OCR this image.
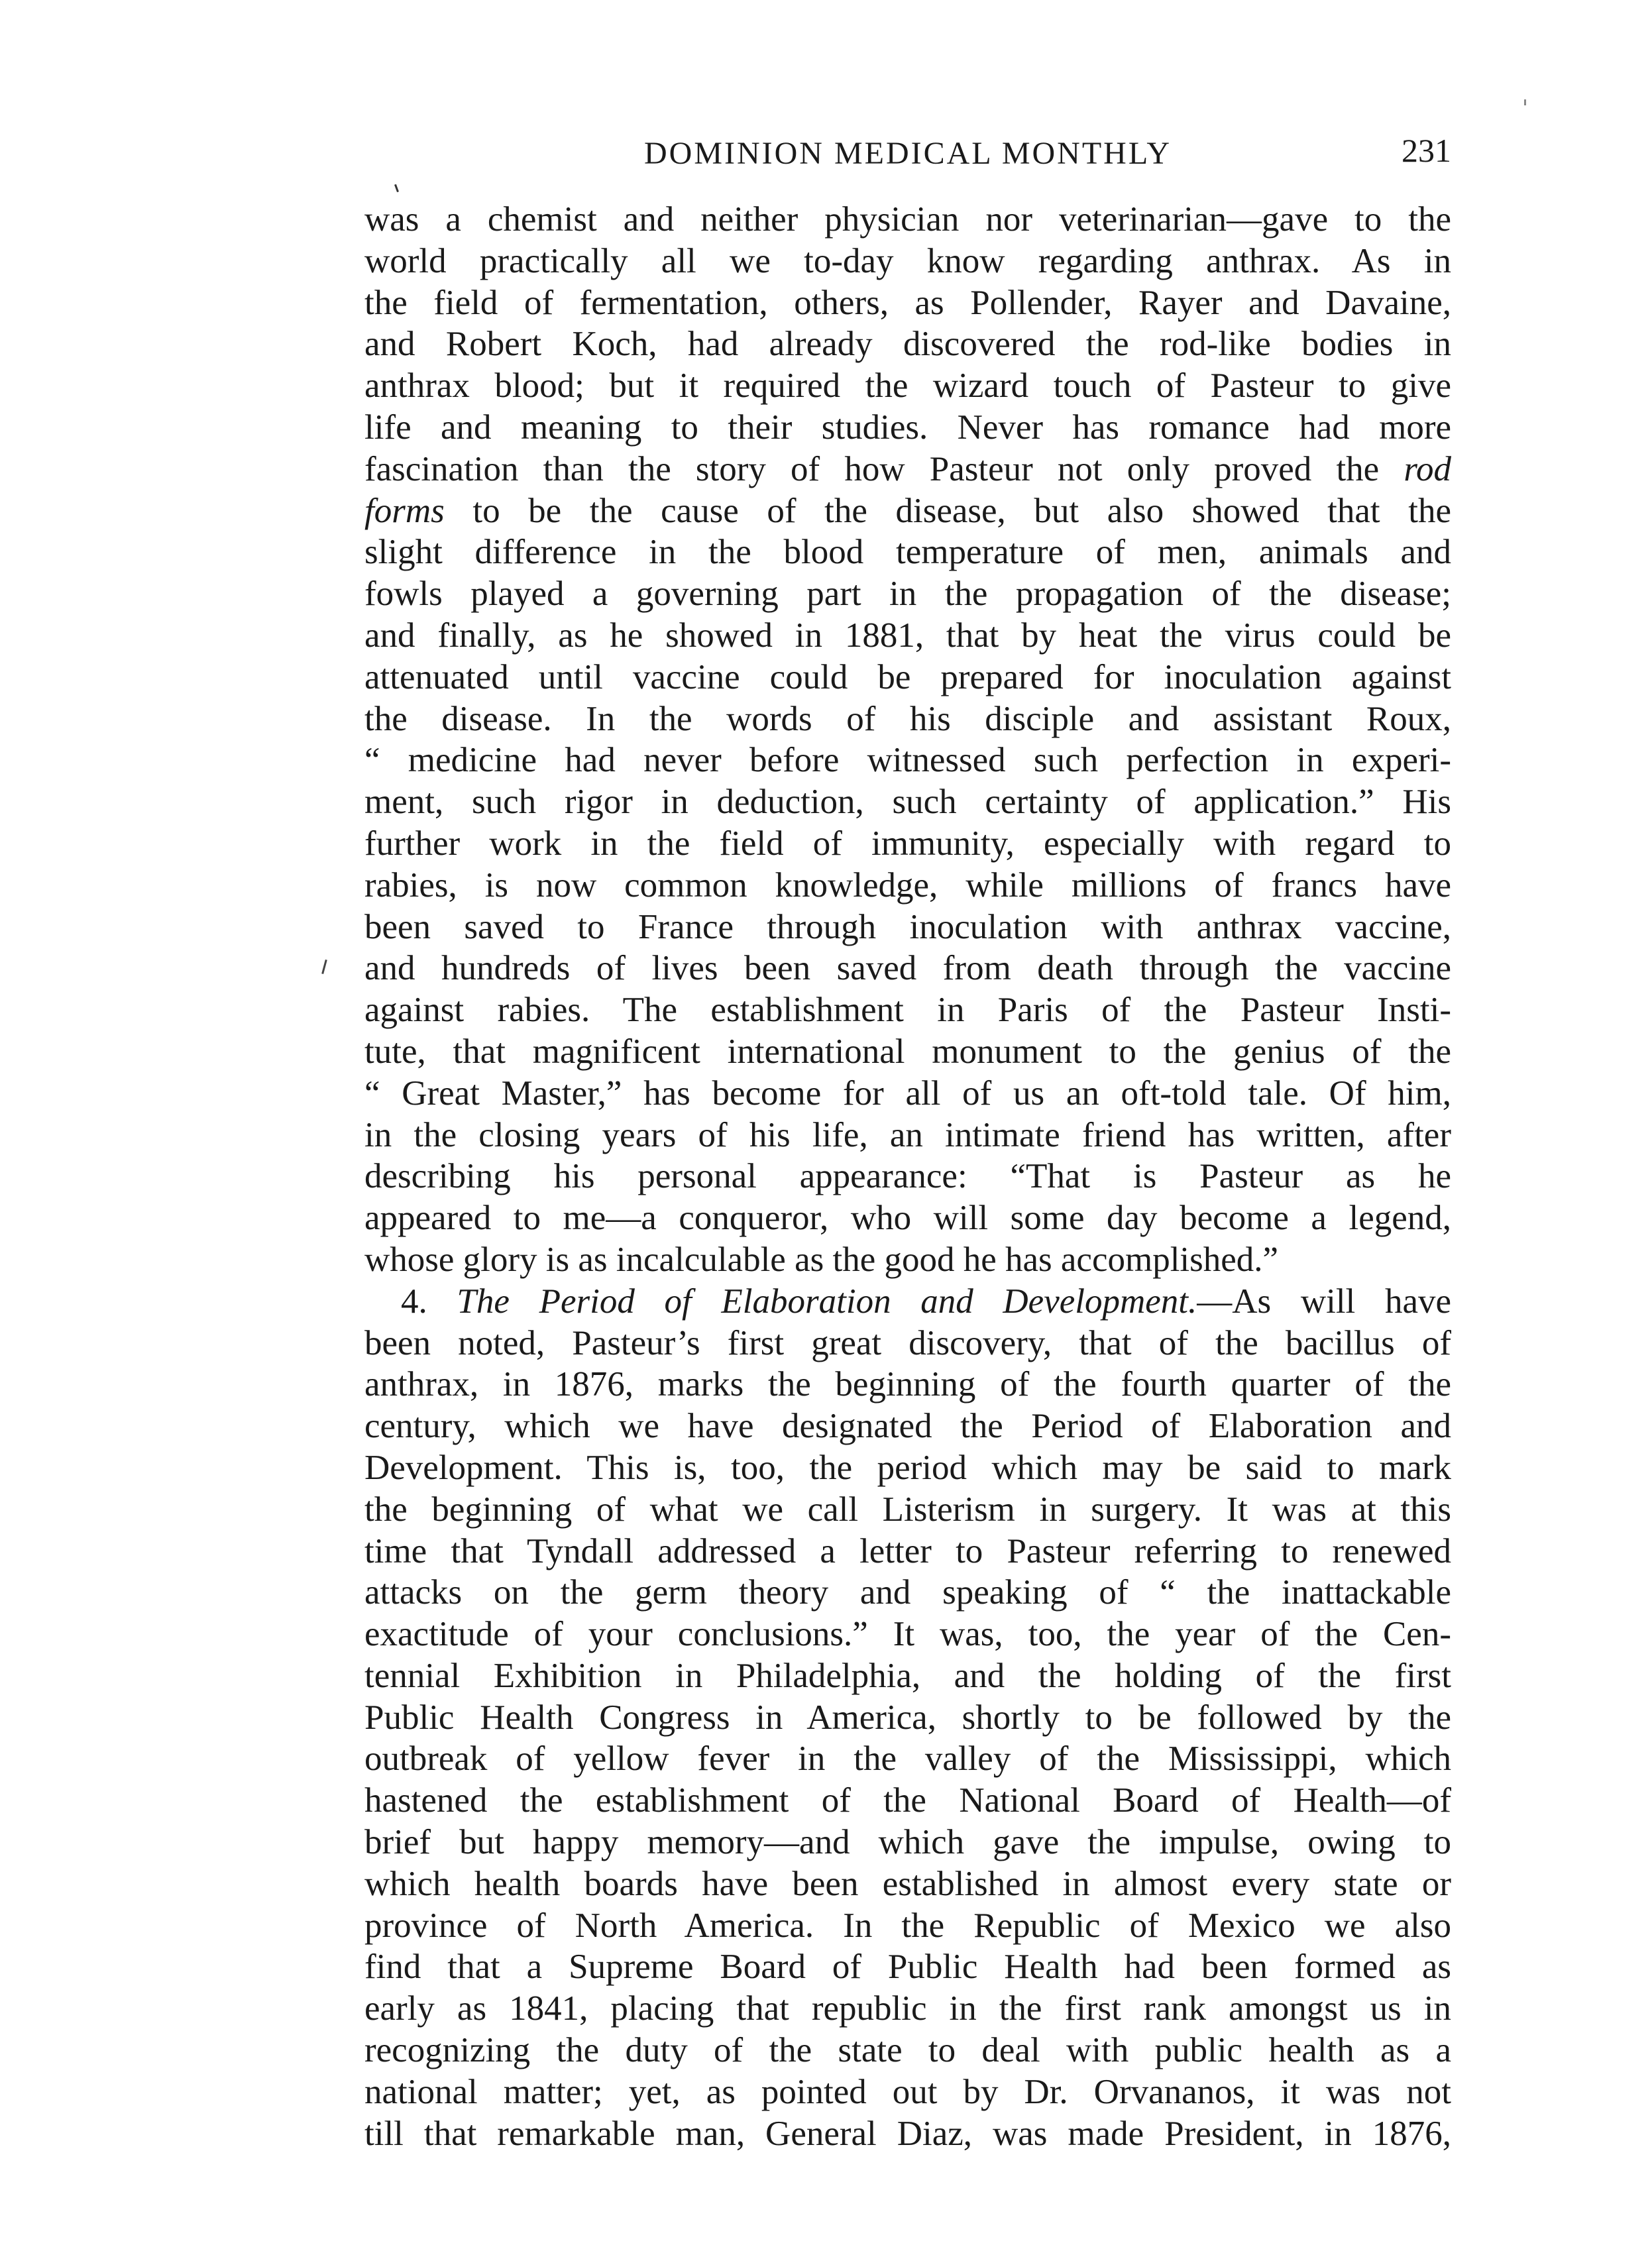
DOMINION MEDICAL MONTHLY	231
was a chemist and neither physician nor veterinarian—gave to the
world practically all we to-day know regarding anthrax. As in
the field of fermentation, others, as Pollender, Rayer and Davaine,
and Robert Koch, had already discovered the rod-like bodies in
anthrax blood; but it required the wizard touch of Pasteur to give
life and meaning to their studies. Never has romance had more
fascination than the story of how Pasteur not only proved the rod
forms to be the cause of the disease, but also showed that the
slight difference in the blood temperature of men, animals and
fowls played a governing part in the propagation of the disease;
and finally, as he showed in 1881, that by heat the virus could be
attenuated until vaccine could be prepared for inoculation against
the disease. In the words of his disciple and assistant Roux,
“ medicine had never before witnessed such perfection in experi-
ment, such rigor in deduction, such certainty of application.” His
further work in the field of immunity, especially with regard to
rabies, is now common knowledge, while millions of francs have
been saved to France through inoculation with anthrax vaccine,
and hundreds of lives been saved from death through the vaccine
against rabies. The establishment in Paris of the Pasteur Insti-
tute, that magnificent international monument to the genius of the
“ Great Master,” has become for all of us an oft-told tale. Of him,
in the closing years of his life, an intimate friend has written, after
describing his personal appearance: “That is Pasteur as he
appeared to me—a conqueror, who will some day become a legend,
whose glory is as incalculable as the good he has accomplished.”
4. The Period of Elaboration and Development.—As will have
been noted, Pasteur’s first great discovery, that of the bacillus of
anthrax, in 1876, marks the beginning of the fourth quarter of the
century, which we have designated the Period of Elaboration and
Development. This is, too, the period which may be said to mark
the beginning of what we call Listerism in surgery. It was at this
time that Tyndall addressed a letter to Pasteur referring to renewed
attacks on the germ theory and speaking of “ the inattackable
exactitude of your conclusions.” It was, too, the year of the Cen-
tennial Exhibition in Philadelphia, and the holding of the first
Public Health Congress in America, shortly to be followed by the
outbreak of yellow fever in the valley of the Mississippi, which
hastened the establishment of the National Board of Health—of
brief but happy memory—and which gave the impulse, owing to
which health boards have been established in almost every state or
province of North America. In the Republic of Mexico we also
find that a Supreme Board of Public Health had been formed as
early as 1841, placing that republic in the first rank amongst us in
recognizing the duty of the state to deal with public health as a
national matter; yet, as pointed out by Dr. Orvananos, it was not
till that remarkable man, General Diaz, was made President, in 1876,
